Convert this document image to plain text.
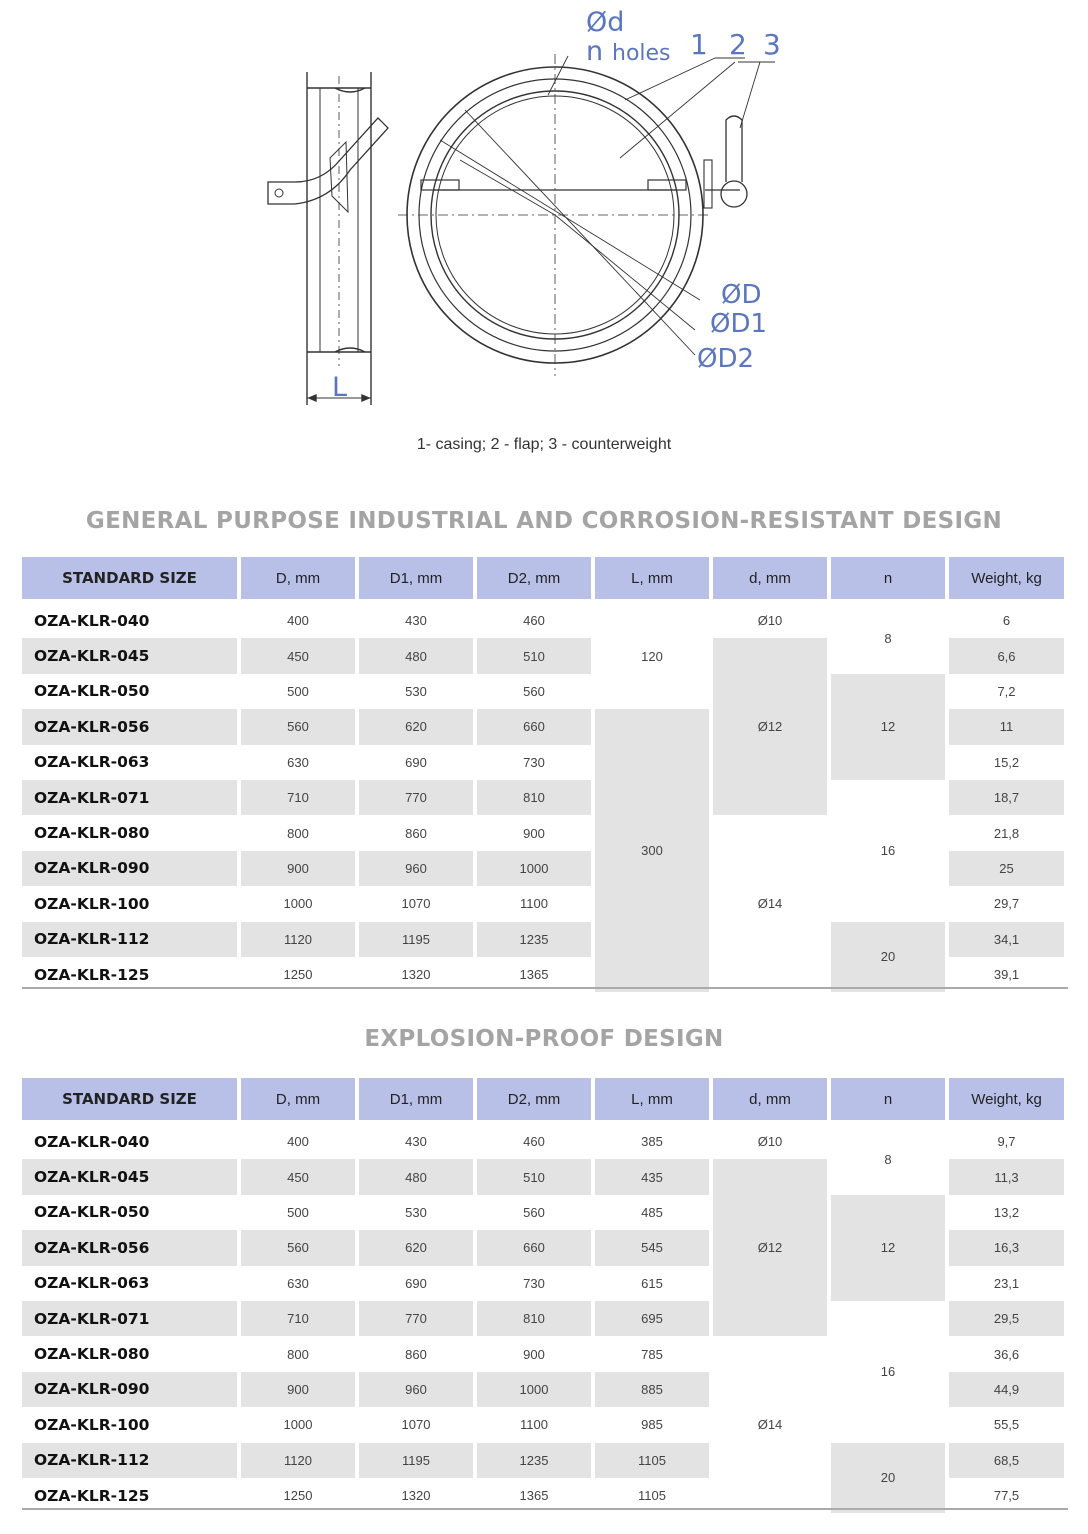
L
Ød
n holes 1 2 3
ØD
ØD1
ØD2
1- casing; 2 - flap; 3 - counterweight
GENERAL PURPOSE INDUSTRIAL AND CORROSION-RESISTANT DESIGN
STANDARD SIZE	D, mm	D1, mm	D2, mm	L, mm	d, mm	n	Weight, kg
OZA-KLR-040	400	430	460	120	Ø10	8	6
OZA-KLR-045	450	480	510		Ø12		6,6
OZA-KLR-050	500	530	560			12	7,2
OZA-KLR-056	560	620	660	300			11
OZA-KLR-063	630	690	730				15,2
OZA-KLR-071	710	770	810			16	18,7
OZA-KLR-080	800	860	900		Ø14		21,8
OZA-KLR-090	900	960	1000				25
OZA-KLR-100	1000	1070	1100				29,7
OZA-KLR-112	1120	1195	1235			20	34,1
OZA-KLR-125	1250	1320	1365				39,1
EXPLOSION-PROOF DESIGN
STANDARD SIZE	D, mm	D1, mm	D2, mm	L, mm	d, mm	n	Weight, kg
OZA-KLR-040	400	430	460	385	Ø10	8	9,7
OZA-KLR-045	450	480	510	435	Ø12		11,3
OZA-KLR-050	500	530	560	485		12	13,2
OZA-KLR-056	560	620	660	545			16,3
OZA-KLR-063	630	690	730	615			23,1
OZA-KLR-071	710	770	810	695		16	29,5
OZA-KLR-080	800	860	900	785	Ø14		36,6
OZA-KLR-090	900	960	1000	885			44,9
OZA-KLR-100	1000	1070	1100	985			55,5
OZA-KLR-112	1120	1195	1235	1105		20	68,5
OZA-KLR-125	1250	1320	1365	1105			77,5
